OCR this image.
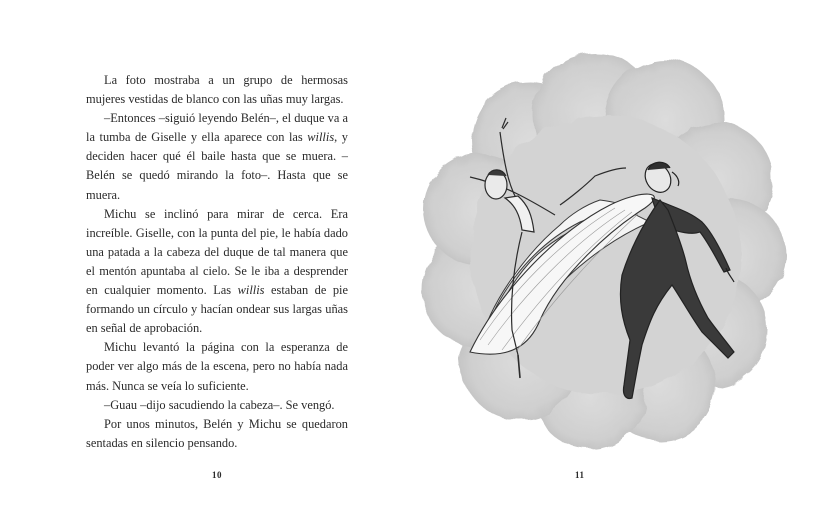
La foto mostraba a un grupo de hermosas mujeres vestidas de blanco con las uñas muy largas.

–Entonces –siguió leyendo Belén–, el duque va a la tumba de Giselle y ella aparece con las willis, y deciden hacer qué él baile hasta que se muera. –Belén se quedó mirando la foto–. Hasta que se muera.

Michu se inclinó para mirar de cerca. Era increíble. Giselle, con la punta del pie, le había dado una patada a la cabeza del duque de tal manera que el mentón apuntaba al cielo. Se le iba a desprender en cualquier momento. Las willis estaban de pie formando un círculo y hacían ondear sus largas uñas en señal de aprobación.

Michu levantó la página con la esperanza de poder ver algo más de la escena, pero no había nada más. Nunca se veía lo suficiente.

–Guau –dijo sacudiendo la cabeza–. Se vengó.

Por unos minutos, Belén y Michu se quedaron sentadas en silencio pensando.

10	11
